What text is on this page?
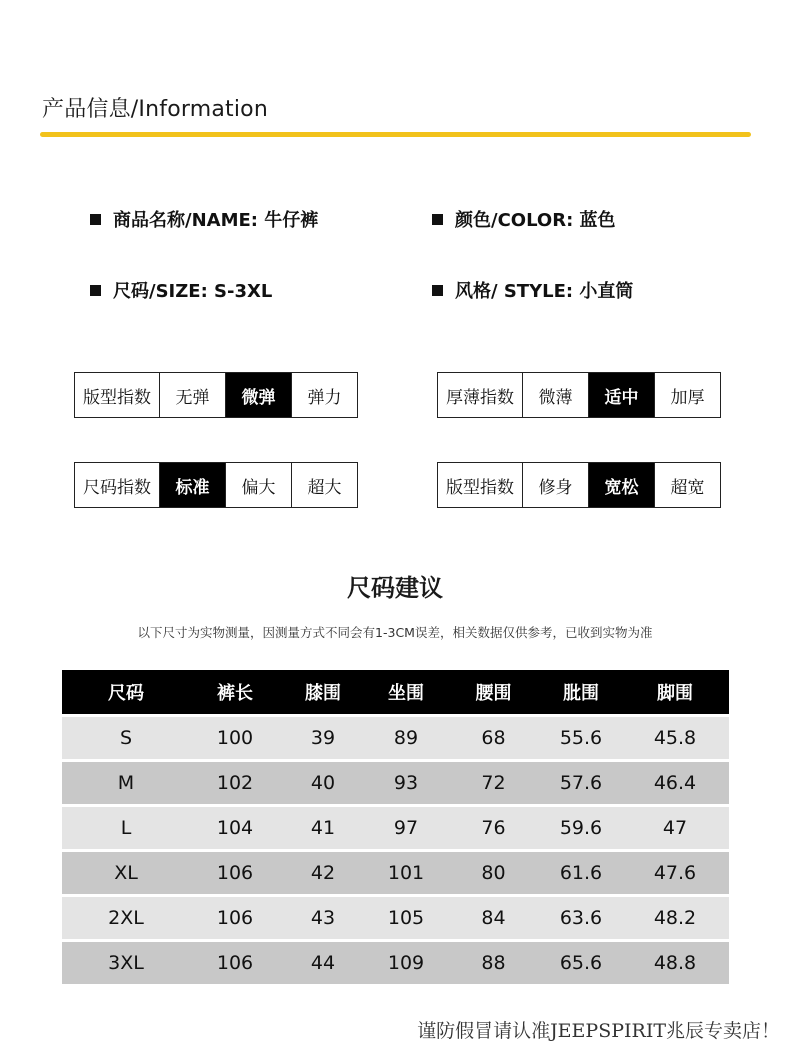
产品信息/Information
商品名称/NAME: 牛仔裤	颜色/COLOR: 蓝色
尺码/SIZE: S-3XL	风格/ STYLE: 小直筒
版型指数	无弹	微弹	弹力	厚薄指数	微薄	适中	加厚
尺码指数	标准	偏大	超大	版型指数	修身	宽松	超宽
尺码建议
以下尺寸为实物测量，因测量方式不同会有1-3CM误差，相关数据仅供参考，已收到实物为准
尺码	裤长	膝围	坐围	腰围	肶围	脚围
S	100	39	89	68	55.6	45.8
M	102	40	93	72	57.6	46.4
L	104	41	97	76	59.6	47
XL	106	42	101	80	61.6	47.6
2XL	106	43	105	84	63.6	48.2
3XL	106	44	109	88	65.6	48.8
谨防假冒请认准JEEPSPIRIT兆辰专卖店！
